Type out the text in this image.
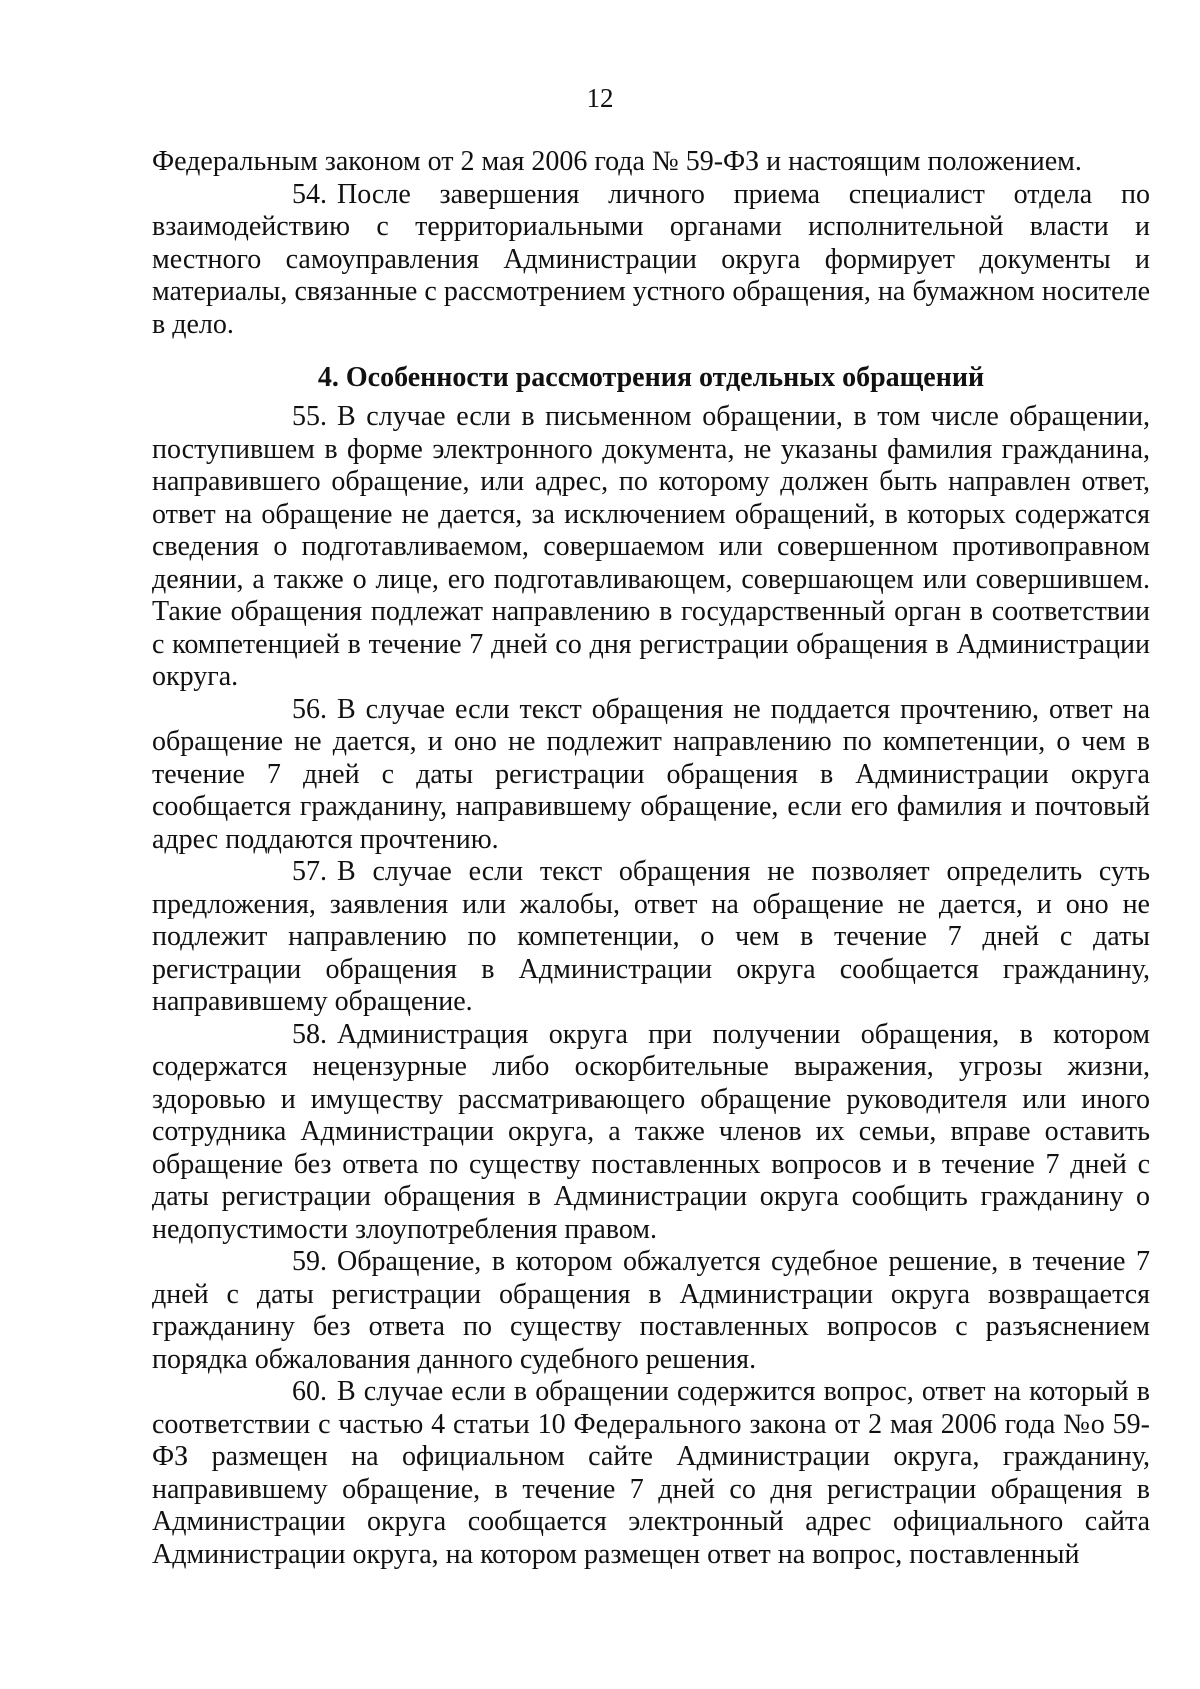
12

Федеральным законом от 2 мая 2006 года № 59-ФЗ и настоящим положением.

54. После завершения личного приема специалист отдела по взаимодействию с территориальными органами исполнительной власти и местного самоуправления Администрации округа формирует документы и материалы, связанные с рассмотрением устного обращения, на бумажном носителе в дело.

4. Особенности рассмотрения отдельных обращений

55. В случае если в письменном обращении, в том числе обращении, поступившем в форме электронного документа, не указаны фамилия гражданина, направившего обращение, или адрес, по которому должен быть направлен ответ, ответ на обращение не дается, за исключением обращений, в которых содержатся сведения о подготавливаемом, совершаемом или совершенном противоправном деянии, а также о лице, его подготавливающем, совершающем или совершившем. Такие обращения подлежат направлению в государственный орган в соответствии с компетенцией в течение 7 дней со дня регистрации обращения в Администрации округа.

56. В случае если текст обращения не поддается прочтению, ответ на обращение не дается, и оно не подлежит направлению по компетенции, о чем в течение 7 дней с даты регистрации обращения в Администрации округа сообщается гражданину, направившему обращение, если его фамилия и почтовый адрес поддаются прочтению.

57. В случае если текст обращения не позволяет определить суть предложения, заявления или жалобы, ответ на обращение не дается, и оно не подлежит направлению по компетенции, о чем в течение 7 дней с даты регистрации обращения в Администрации округа сообщается гражданину, направившему обращение.

58. Администрация округа при получении обращения, в котором содержатся нецензурные либо оскорбительные выражения, угрозы жизни, здоровью и имуществу рассматривающего обращение руководителя или иного сотрудника Администрации округа, а также членов их семьи, вправе оставить обращение без ответа по существу поставленных вопросов и в течение 7 дней с даты регистрации обращения в Администрации округа сообщить гражданину о недопустимости злоупотребления правом.

59. Обращение, в котором обжалуется судебное решение, в течение 7 дней с даты регистрации обращения в Администрации округа возвращается гражданину без ответа по существу поставленных вопросов с разъяснением порядка обжалования данного судебного решения.

60. В случае если в обращении содержится вопрос, ответ на который в соответствии с частью 4 статьи 10 Федерального закона от 2 мая 2006 года №о 59-ФЗ размещен на официальном сайте Администрации округа, гражданину, направившему обращение, в течение 7 дней со дня регистрации обращения в Администрации округа сообщается электронный адрес официального сайта Администрации округа, на котором размещен ответ на вопрос, поставленный
